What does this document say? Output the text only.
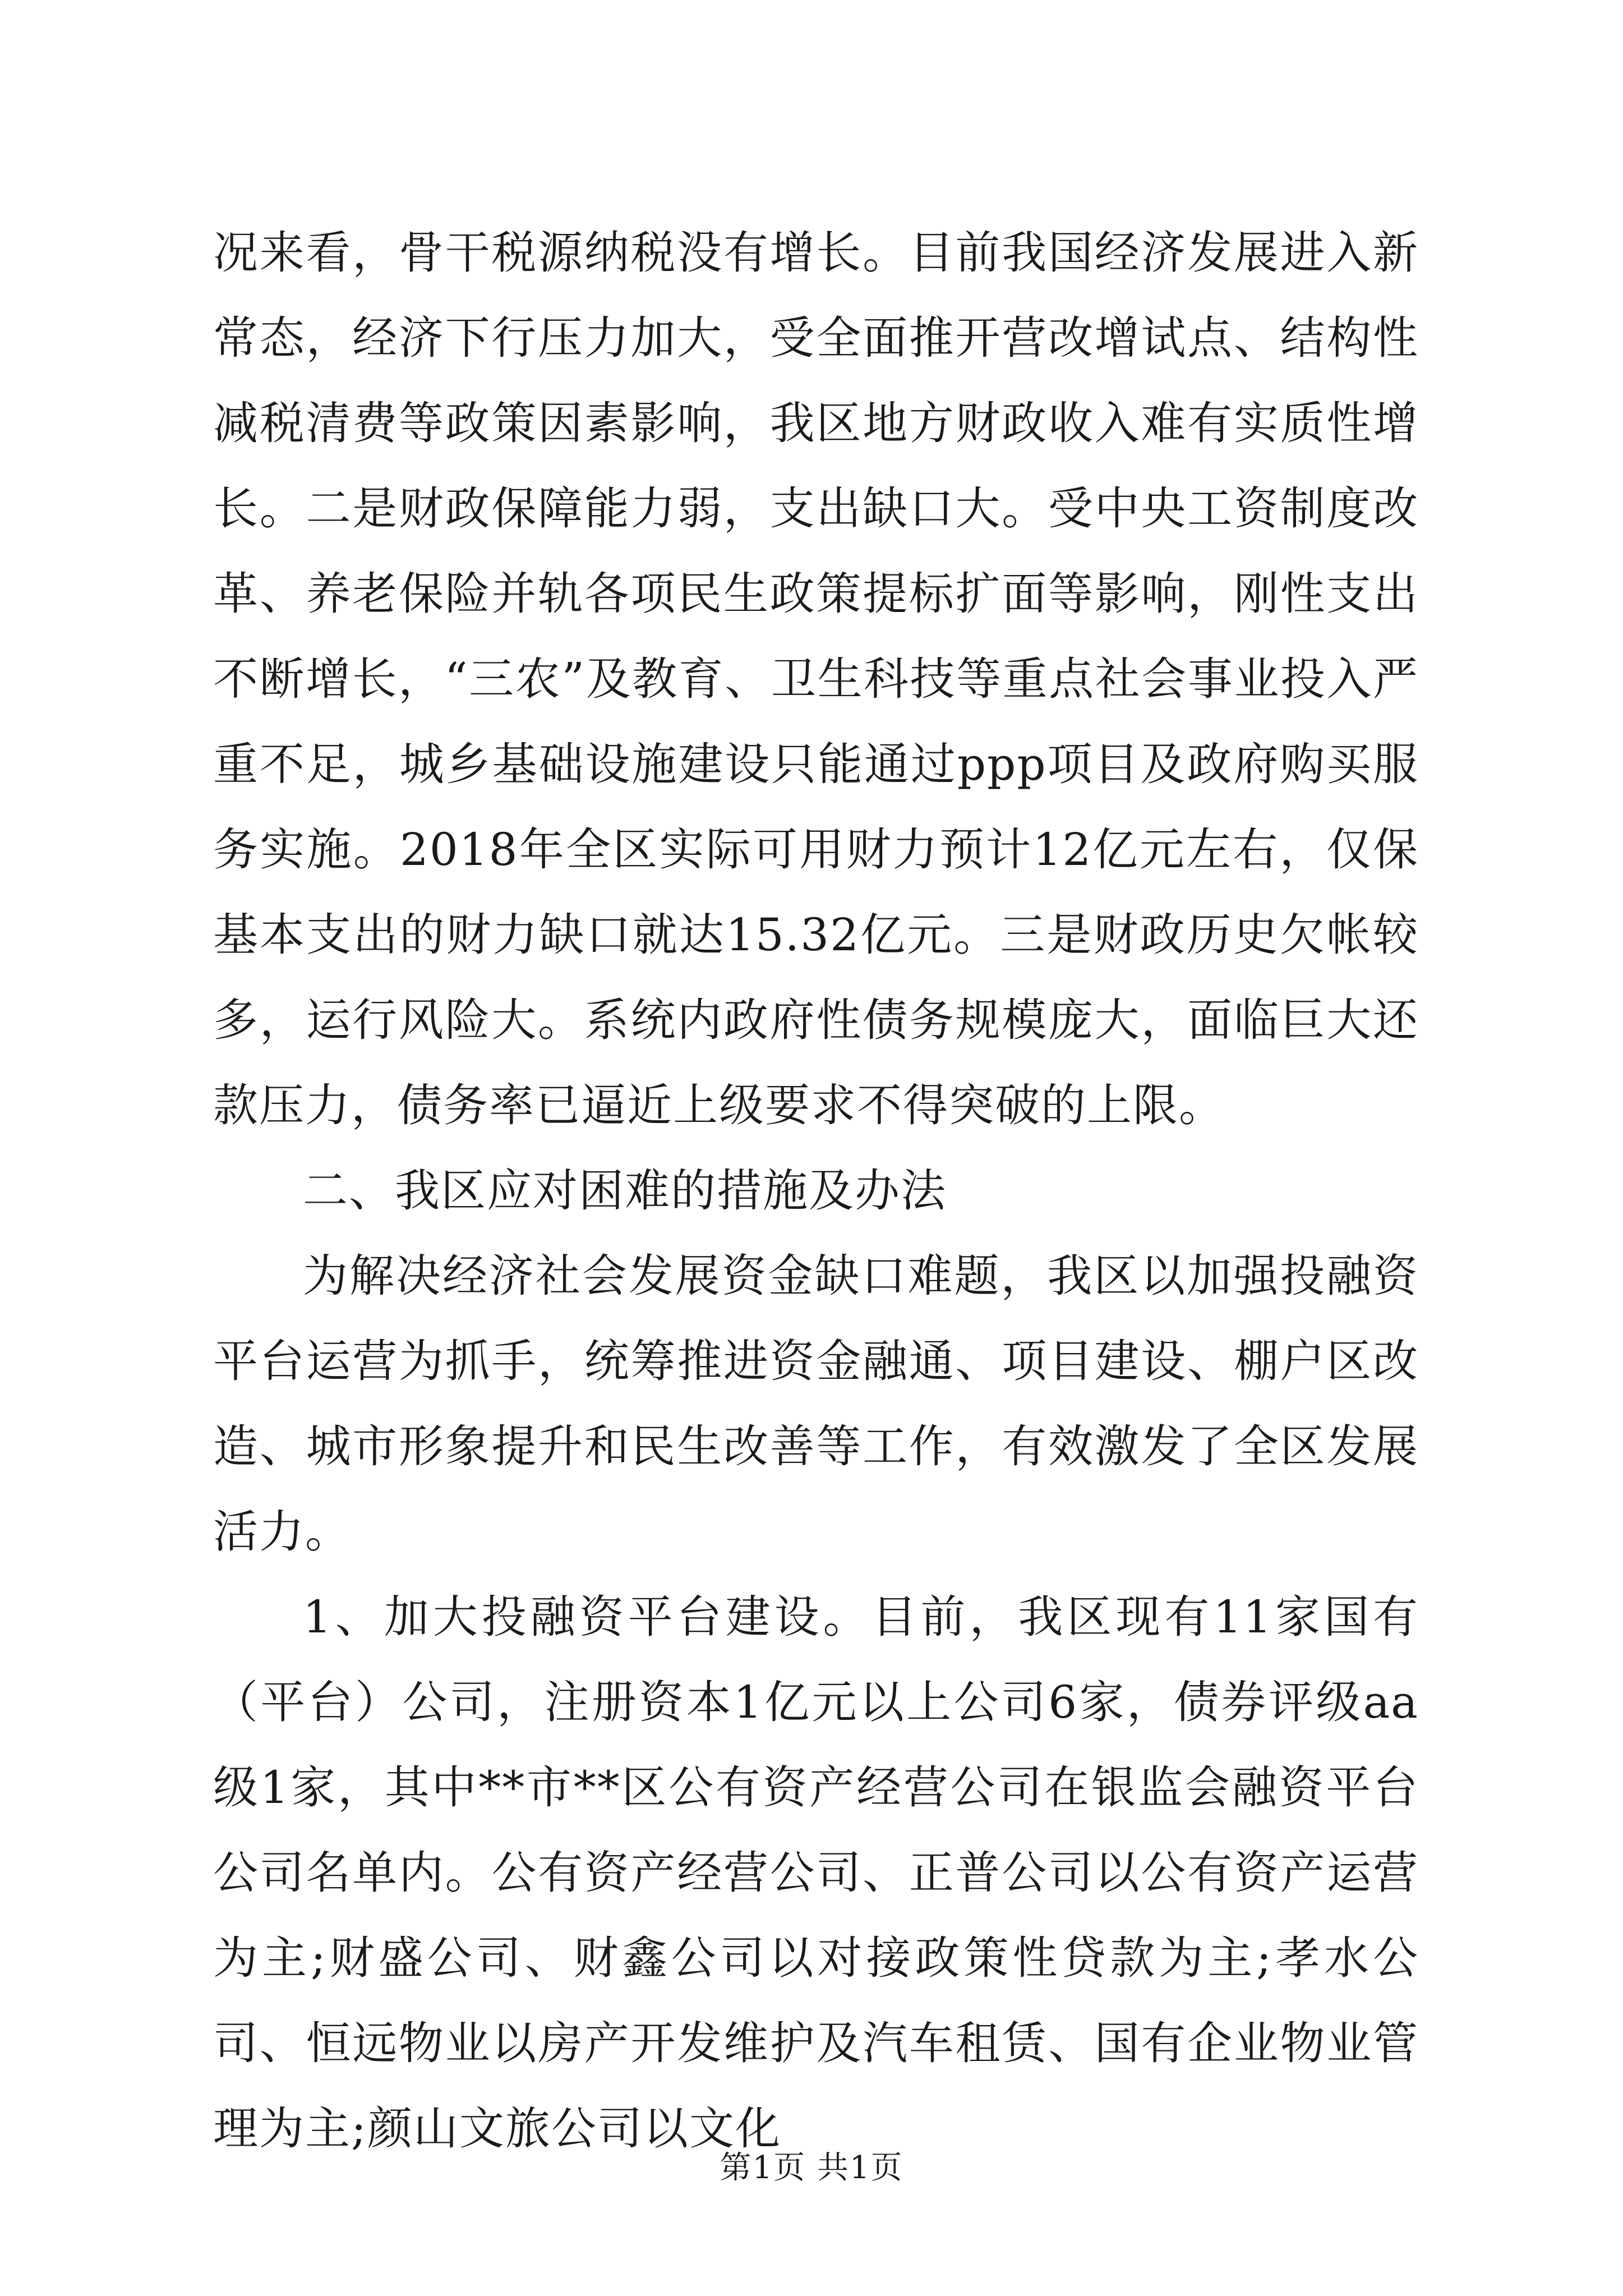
况来看，骨干税源纳税没有增长。目前我国经济发展进入新常态，经济下行压力加大，受全面推开营改增试点、结构性减税清费等政策因素影响，我区地方财政收入难有实质性增长。二是财政保障能力弱，支出缺口大。受中央工资制度改革、养老保险并轨各项民生政策提标扩面等影响，刚性支出不断增长，“三农”及教育、卫生科技等重点社会事业投入严重不足，城乡基础设施建设只能通过ppp项目及政府购买服务实施。2018年全区实际可用财力预计12亿元左右，仅保基本支出的财力缺口就达15.32亿元。三是财政历史欠帐较多，运行风险大。系统内政府性债务规模庞大，面临巨大还款压力，债务率已逼近上级要求不得突破的上限。

二、我区应对困难的措施及办法

为解决经济社会发展资金缺口难题，我区以加强投融资平台运营为抓手，统筹推进资金融通、项目建设、棚户区改造、城市形象提升和民生改善等工作，有效激发了全区发展活力。

1、加大投融资平台建设。目前，我区现有11家国有（平台）公司，注册资本1亿元以上公司6家，债券评级aa级1家，其中**市**区公有资产经营公司在银监会融资平台公司名单内。公有资产经营公司、正普公司以公有资产运营为主;财盛公司、财鑫公司以对接政策性贷款为主;孝水公司、恒远物业以房产开发维护及汽车租赁、国有企业物业管理为主;颜山文旅公司以文化

第1页 共1页
